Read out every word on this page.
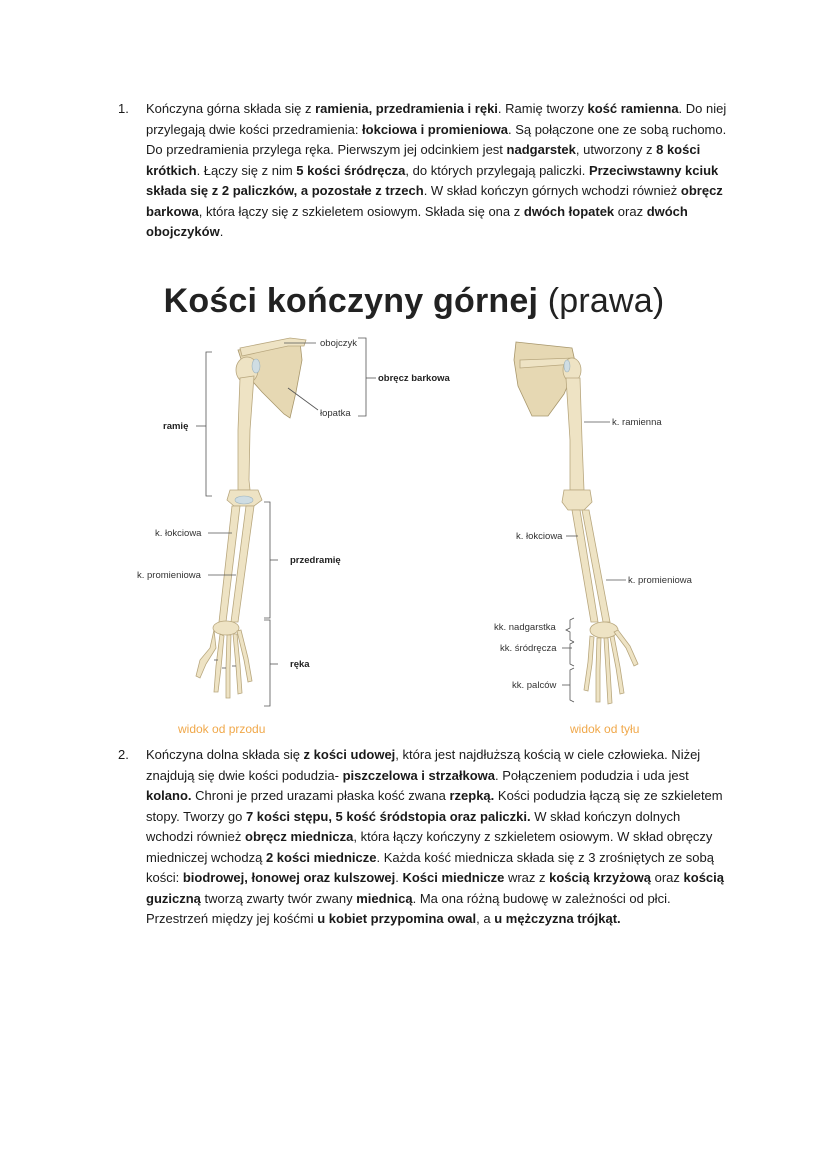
1.	Kończyna górna składa się z ramienia, przedramienia i ręki. Ramię tworzy kość ramienna. Do niej przylegają dwie kości przedramienia: łokciowa i promieniowa. Są połączone one ze sobą ruchomo. Do przedramienia przylega ręka. Pierwszym jej odcinkiem jest nadgarstek, utworzony z 8 kości krótkich. Łączy się z nim 5 kości śródręcza, do których przylegają paliczki. Przeciwstawny kciuk składa się z 2 paliczków, a pozostałe z trzech. W skład kończyn górnych wchodzi również obręcz barkowa, która łączy się z szkieletem osiowym. Składa się ona z dwóch łopatek oraz dwóch obojczyków.
Kości kończyny górnej (prawa)
obojczyk
obręcz barkowa
łopatka
ramię
k. łokciowa
k. promieniowa
przedramię
ręka
widok od przodu
k. ramienna
k. łokciowa
k. promieniowa
kk. nadgarstka
kk. śródręcza
kk. palców
widok od tyłu
2.	Kończyna dolna składa się z kości udowej, która jest najdłuższą kością w ciele człowieka. Niżej znajdują się dwie kości podudzia- piszczelowa i strzałkowa. Połączeniem podudzia i uda jest kolano. Chroni je przed urazami płaska kość zwana rzepką. Kości podudzia łączą się ze szkieletem stopy. Tworzy go 7 kości stępu, 5 kość śródstopia oraz paliczki. W skład kończyn dolnych wchodzi również obręcz miednicza, która łączy kończyny z szkieletem osiowym. W skład obręczy miedniczej wchodzą 2 kości miednicze. Każda kość miednicza składa się z 3 zrośniętych ze sobą kości: biodrowej, łonowej oraz kulszowej. Kości miednicze wraz z kością krzyżową oraz kością guziczną tworzą zwarty twór zwany miednicą. Ma ona różną budowę w zależności od płci. Przestrzeń między jej kośćmi u kobiet przypomina owal, a u mężczyzna trójkąt.
